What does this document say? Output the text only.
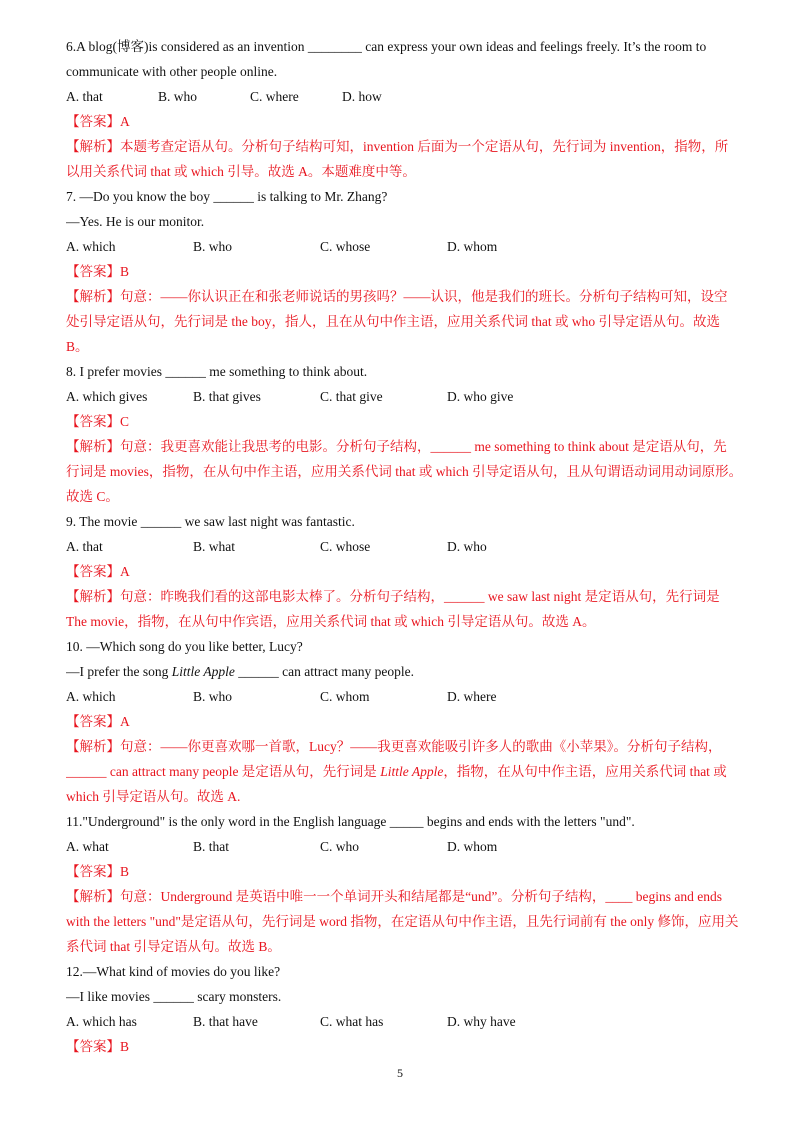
6.A blog(博客)is considered as an invention ________ can express your own ideas and feelings freely. It’s the room to
communicate with other people online.
A. that	B. who	C. where	D. how
【答案】A
【解析】本题考查定语从句。分析句子结构可知，invention 后面为一个定语从句，先行词为 invention，指物，所
以用关系代词 that 或 which 引导。故选 A。本题难度中等。
7. —Do you know the boy ______ is talking to Mr. Zhang?
—Yes. He is our monitor.
A. which	B. who	C. whose	D. whom
【答案】B
【解析】句意：——你认识正在和张老师说话的男孩吗？——认识，他是我们的班长。分析句子结构可知，设空
处引导定语从句，先行词是 the boy，指人，且在从句中作主语，应用关系代词 that 或 who 引导定语从句。故选
B。
8. I prefer movies ______ me something to think about.
A. which gives	B. that gives	C. that give	D. who give
【答案】C
【解析】句意：我更喜欢能让我思考的电影。分析句子结构，______ me something to think about 是定语从句，先
行词是 movies，指物，在从句中作主语，应用关系代词 that 或 which 引导定语从句，且从句谓语动词用动词原形。
故选 C。
9. The movie ______ we saw last night was fantastic.
A. that	B. what	C. whose	D. who
【答案】A
【解析】句意：昨晚我们看的这部电影太棒了。分析句子结构，______ we saw last night 是定语从句，先行词是
The movie，指物，在从句中作宾语，应用关系代词 that 或 which 引导定语从句。故选 A。
10. —Which song do you like better, Lucy?
—I prefer the song Little Apple ______ can attract many people.
A. which	B. who	C. whom	D. where
【答案】A
【解析】句意：——你更喜欢哪一首歌，Lucy？——我更喜欢能吸引许多人的歌曲《小苹果》。分析句子结构，
______ can attract many people 是定语从句，先行词是 Little Apple，指物，在从句中作主语，应用关系代词 that 或
which 引导定语从句。故选 A.
11."Underground" is the only word in the English language _____ begins and ends with the letters "und".
A. what	B. that	C. who	D. whom
【答案】B
【解析】句意：Underground 是英语中唯一一个单词开头和结尾都是“und”。分析句子结构，____ begins and ends
with the letters "und"是定语从句，先行词是 word 指物，在定语从句中作主语，且先行词前有 the only 修饰，应用关
系代词 that 引导定语从句。故选 B。
12.—What kind of movies do you like?
—I like movies ______ scary monsters.
A. which has	B. that have	C. what has	D. why have
【答案】B
5
